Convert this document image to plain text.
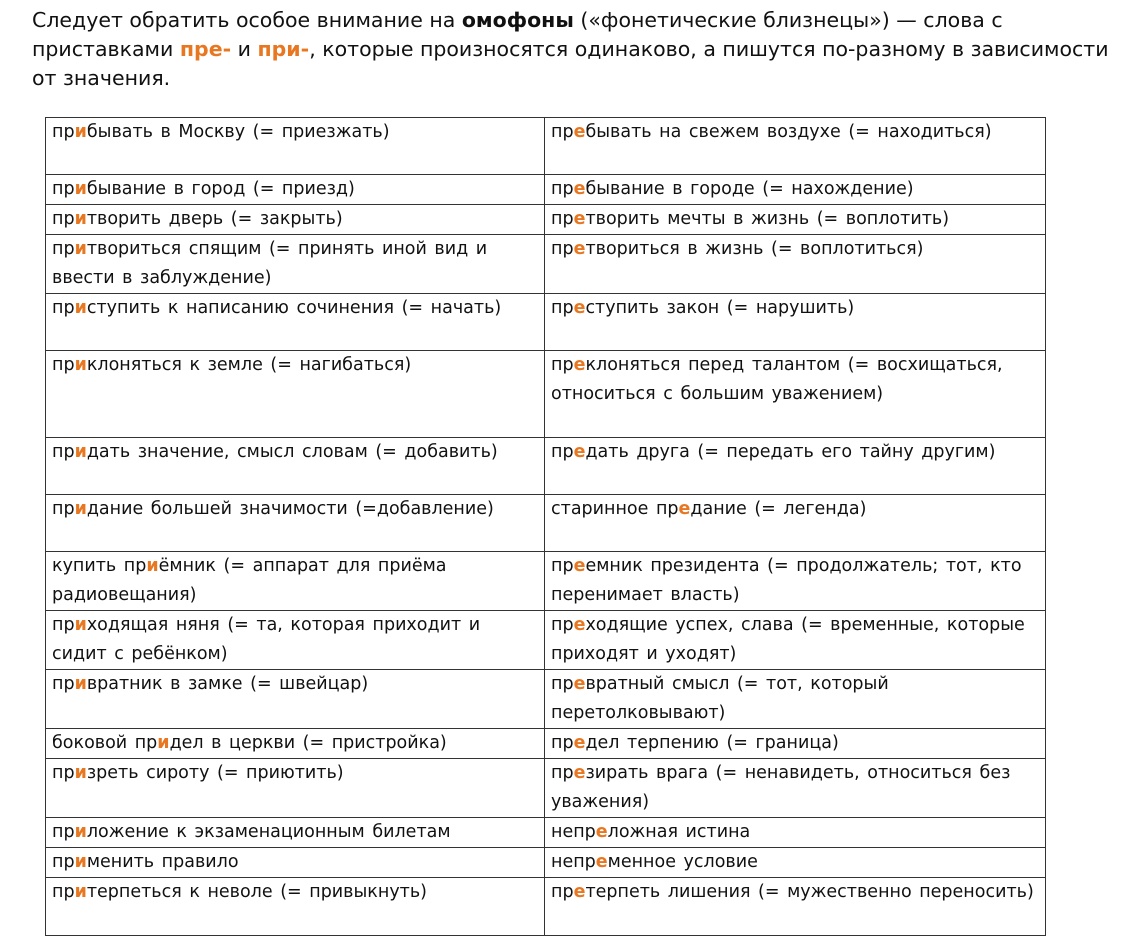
Следует обратить особое внимание на омофоны («фонетические близнецы») — слова с приставками пре- и при-, которые произносятся одинаково, а пишутся по-разному в зависимости от значения.

прибывать в Москву (= приезжать)	пребывать на свежем воздухе (= находиться)
прибывание в город (= приезд)	пребывание в городе (= нахождение)
притворить дверь (= закрыть)	претворить мечты в жизнь (= воплотить)
притвориться спящим (= принять иной вид и ввести в заблуждение)	претвориться в жизнь (= воплотиться)
приступить к написанию сочинения (= начать)	преступить закон (= нарушить)
приклоняться к земле (= нагибаться)	преклоняться перед талантом (= восхищаться, относиться с большим уважением)
придать значение, смысл словам (= добавить)	предать друга (= передать его тайну другим)
придание большей значимости (=добавление)	старинное предание (= легенда)
купить приёмник (= аппарат для приёма радиовещания)	преемник президента (= продолжатель; тот, кто перенимает власть)
приходящая няня (= та, которая приходит и сидит с ребёнком)	преходящие успех, слава (= временные, которые приходят и уходят)
привратник в замке (= швейцар)	превратный смысл (= тот, который перетолковывают)
боковой придел в церкви (= пристройка)	предел терпению (= граница)
призреть сироту (= приютить)	презирать врага (= ненавидеть, относиться без уважения)
приложение к экзаменационным билетам	непреложная истина
применить правило	непременное условие
притерпеться к неволе (= привыкнуть)	претерпеть лишения (= мужественно переносить)
